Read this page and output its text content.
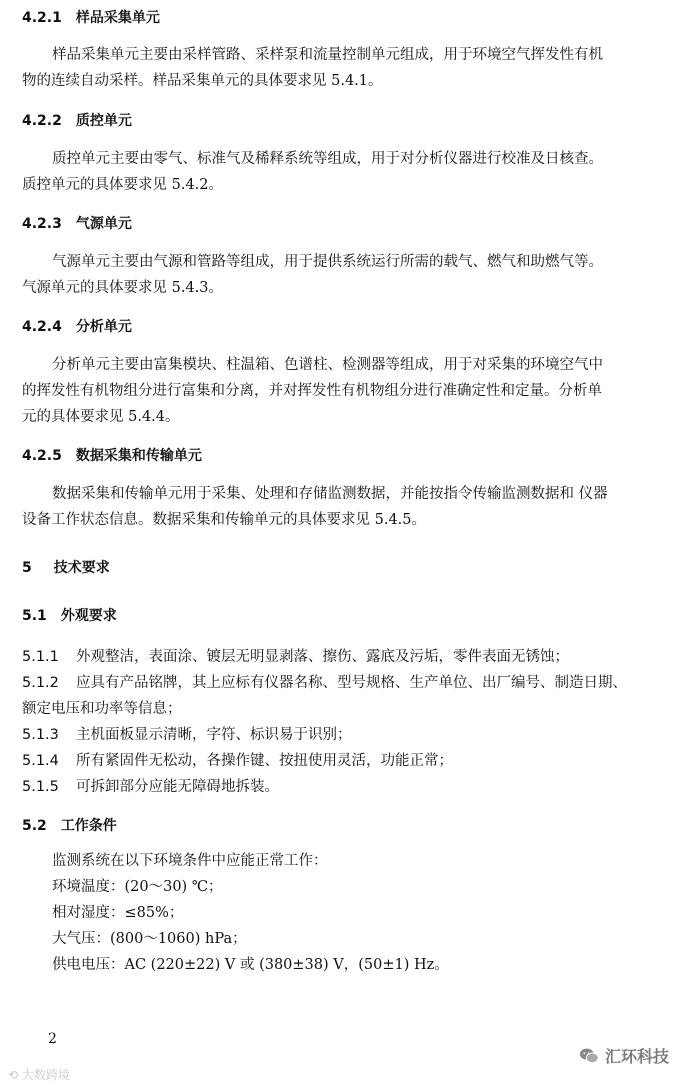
4.2.1 样品采集单元
样品采集单元主要由采样管路、采样泵和流量控制单元组成，用于环境空气挥发性有机
物的连续自动采样。样品采集单元的具体要求见 5.4.1。
4.2.2 质控单元
质控单元主要由零气、标准气及稀释系统等组成，用于对分析仪器进行校准及日核查。
质控单元的具体要求见 5.4.2。
4.2.3 气源单元
气源单元主要由气源和管路等组成，用于提供系统运行所需的载气、燃气和助燃气等。
气源单元的具体要求见 5.4.3。
4.2.4 分析单元
分析单元主要由富集模块、柱温箱、色谱柱、检测器等组成，用于对采集的环境空气中
的挥发性有机物组分进行富集和分离，并对挥发性有机物组分进行准确定性和定量。分析单
元的具体要求见 5.4.4。
4.2.5 数据采集和传输单元
数据采集和传输单元用于采集、处理和存储监测数据，并能按指令传输监测数据和 仪器
设备工作状态信息。数据采集和传输单元的具体要求见 5.4.5。
5 技术要求
5.1 外观要求
5.1.1 外观整洁，表面涂、镀层无明显剥落、擦伤、露底及污垢，零件表面无锈蚀；
5.1.2 应具有产品铭牌，其上应标有仪器名称、型号规格、生产单位、出厂编号、制造日期、
额定电压和功率等信息；
5.1.3 主机面板显示清晰，字符、标识易于识别；
5.1.4 所有紧固件无松动，各操作键、按扭使用灵活，功能正常；
5.1.5 可拆卸部分应能无障碍地拆装。
5.2 工作条件
监测系统在以下环境条件中应能正常工作：
环境温度：(20～30) ℃；
相对湿度：≤85%；
大气压：(800～1060) hPa；
供电电压：AC (220±22) V 或 (380±38) V，(50±1) Hz。
2
⟲ 大数跨境
汇环科技
